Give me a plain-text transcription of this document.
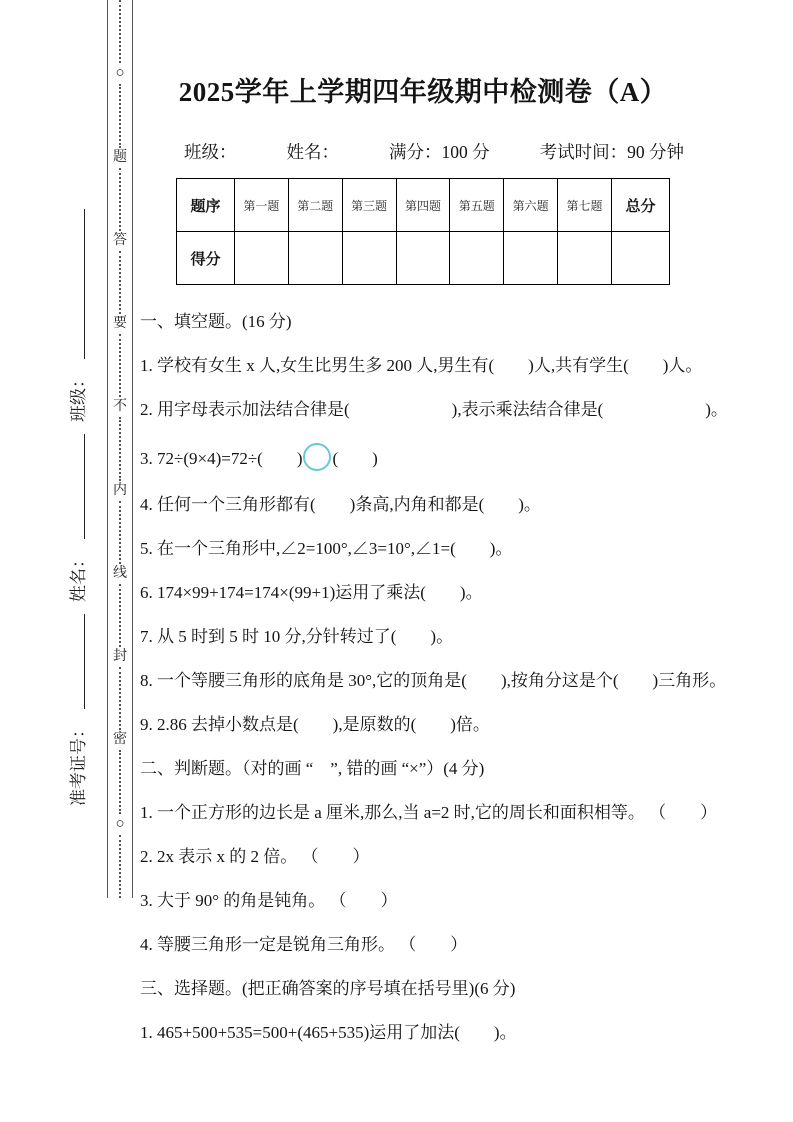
○
题
答
要
不
内
线
封
密
○
准考证号：
姓名：
班级：
2025学年上学期四年级期中检测卷（A）
班级：	姓名：	满分：100 分	考试时间：90 分钟
题序	第一题	第二题	第三题	第四题	第五题	第六题	第七题	总分
得分								
一、填空题。(16 分)
1. 学校有女生 x 人,女生比男生多 200 人,男生有(　　)人,共有学生(　　)人。
2. 用字母表示加法结合律是(　　　　　　),表示乘法结合律是(　　　　　　)。
3. 72÷(9×4)=72÷(　　) (　　)
4. 任何一个三角形都有(　　)条高,内角和都是(　　)。
5. 在一个三角形中,∠2=100°,∠3=10°,∠1=(　　)。
6. 174×99+174=174×(99+1)运用了乘法(　　)。
7. 从 5 时到 5 时 10 分,分针转过了(　　)。
8. 一个等腰三角形的底角是 30°,它的顶角是(　　),按角分这是个(　　)三角形。
9. 2.86 去掉小数点是(　　),是原数的(　　)倍。
二、判断题。（对的画 “　”, 错的画 “×”）(4 分)
1. 一个正方形的边长是 a 厘米,那么,当 a=2 时,它的周长和面积相等。 （　　）
2. 2x 表示 x 的 2 倍。 （　　）
3. 大于 90° 的角是钝角。 （　　）
4. 等腰三角形一定是锐角三角形。 （　　）
三、选择题。(把正确答案的序号填在括号里)(6 分)
1. 465+500+535=500+(465+535)运用了加法(　　)。
